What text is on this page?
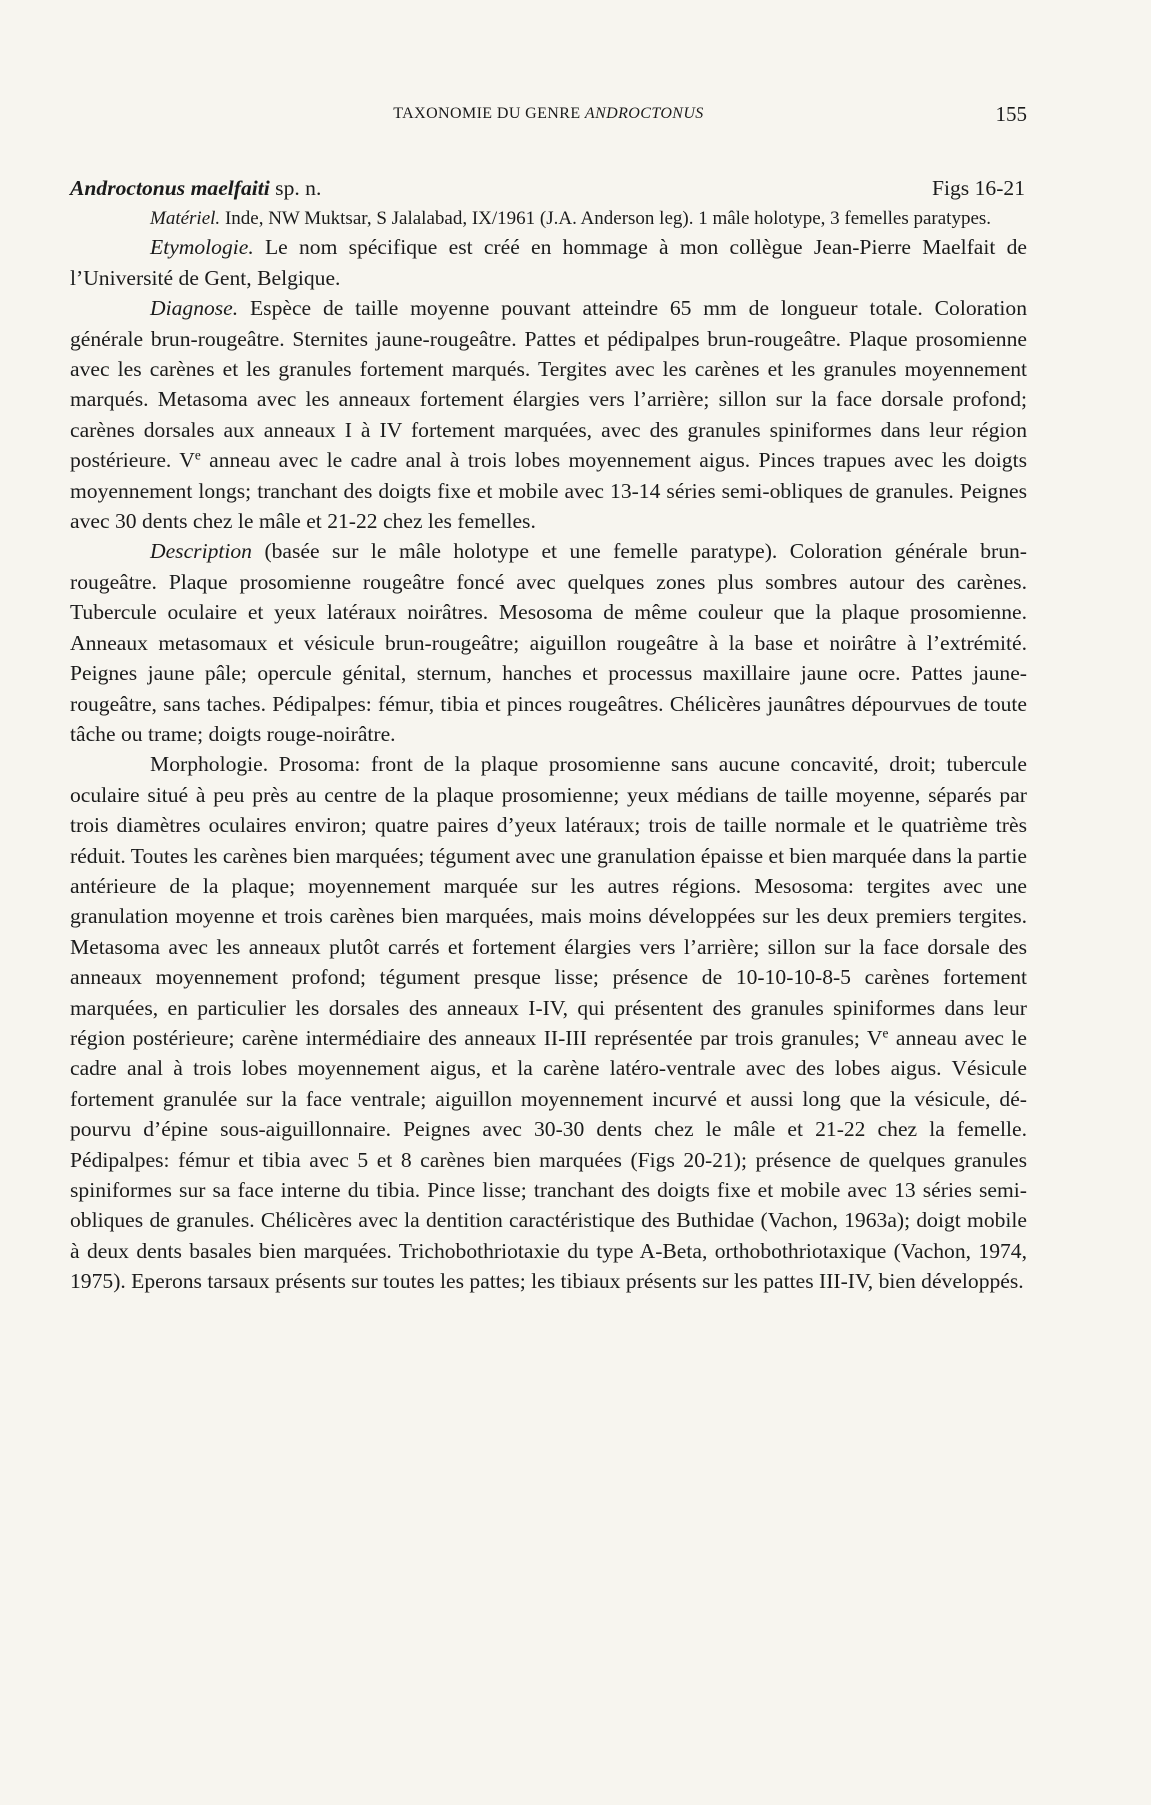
TAXONOMIE DU GENRE ANDROCTONUS	155
Androctonus maelfaiti sp. n.	Figs 16-21

Matériel. Inde, NW Muktsar, S Jalalabad, IX/1961 (J.A. Anderson leg). 1 mâle holotype, 3 femelles paratypes.

Etymologie. Le nom spécifique est créé en hommage à mon collègue Jean-Pierre Maelfait de l’Université de Gent, Belgique.

Diagnose. Espèce de taille moyenne pouvant atteindre 65 mm de longueur totale. Coloration générale brun-rougeâtre. Sternites jaune-rougeâtre. Pattes et pédipalpes brun-rougeâtre. Plaque prosomienne avec les carènes et les granules fortement marqués. Tergites avec les carènes et les granules moyennement marqués. Metasoma avec les anneaux fortement élargies vers l’arrière; sillon sur la face dorsale profond; carènes dorsales aux anneaux I à IV fortement marquées, avec des granules spiniformes dans leur région postérieure. Ve anneau avec le cadre anal à trois lobes moyennement aigus. Pinces trapues avec les doigts moyennement longs; tranchant des doigts fixe et mobile avec 13-14 séries semi-obliques de granules. Peignes avec 30 dents chez le mâle et 21-22 chez les femelles.

Description (basée sur le mâle holotype et une femelle paratype). Coloration générale brun-rougeâtre. Plaque prosomienne rougeâtre foncé avec quelques zones plus sombres autour des carènes. Tubercule oculaire et yeux latéraux noirâtres. Mesosoma de même couleur que la plaque prosomienne. Anneaux metasomaux et vésicule brun-rougeâtre; aiguillon rougeâtre à la base et noirâtre à l’extrémité. Peignes jaune pâle; opercule génital, sternum, hanches et processus maxillaire jaune ocre. Pattes jaune-rougeâtre, sans taches. Pédipalpes: fémur, tibia et pinces rougeâtres. Chélicères jaunâtres dépourvues de toute tâche ou trame; doigts rouge-noirâtre.

Morphologie. Prosoma: front de la plaque prosomienne sans aucune concavité, droit; tubercule oculaire situé à peu près au centre de la plaque prosomienne; yeux médians de taille moyenne, séparés par trois diamètres oculaires environ; quatre paires d’yeux latéraux; trois de taille normale et le quatrième très réduit. Toutes les carènes bien marquées; tégument avec une granulation épaisse et bien marquée dans la partie antérieure de la plaque; moyennement marquée sur les autres régions. Mesosoma: tergites avec une granulation moyenne et trois carènes bien marquées, mais moins développées sur les deux premiers tergites. Metasoma avec les anneaux plutôt carrés et fortement élargies vers l’arrière; sillon sur la face dorsale des anneaux moyennement profond; tégument presque lisse; présence de 10-10-10-8-5 carènes fortement marquées, en particulier les dorsales des anneaux I-IV, qui présentent des granules spiniformes dans leur région postérieure; carène intermédiaire des anneaux II-III représentée par trois granules; Ve anneau avec le cadre anal à trois lobes moyennement aigus, et la carène latéro-ventrale avec des lobes aigus. Vésicule fortement granulée sur la face ventrale; aiguillon moyennement incurvé et aussi long que la vésicule, dépourvu d’épine sous-aiguillonnaire. Peignes avec 30-30 dents chez le mâle et 21-22 chez la femelle. Pédipalpes: fémur et tibia avec 5 et 8 carènes bien marquées (Figs 20-21); présence de quelques granules spiniformes sur sa face interne du tibia. Pince lisse; tranchant des doigts fixe et mobile avec 13 séries semi-obliques de granules. Chélicères avec la dentition caractéristique des Buthidae (Vachon, 1963a); doigt mobile à deux dents basales bien marquées. Trichobothriotaxie du type A-Beta, orthobothriotaxique (Vachon, 1974, 1975). Eperons tarsaux présents sur toutes les pattes; les tibiaux présents sur les pattes III-IV, bien développés.
